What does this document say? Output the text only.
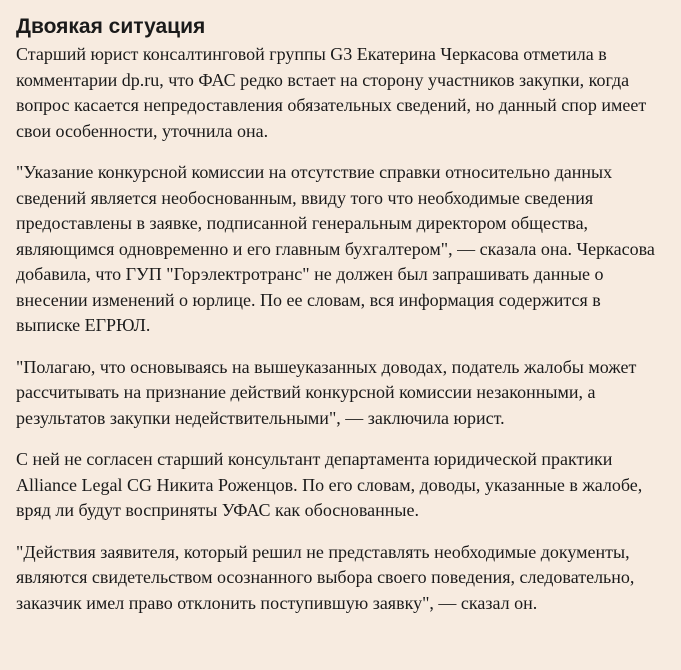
Двоякая ситуация

Старший юрист консалтинговой группы G3 Екатерина Черкасова отметила в комментарии dp.ru, что ФАС редко встает на сторону участников закупки, когда вопрос касается непредоставления обязательных сведений, но данный спор имеет свои особенности, уточнила она.

"Указание конкурсной комиссии на отсутствие справки относительно данных сведений является необоснованным, ввиду того что необходимые сведения предоставлены в заявке, подписанной генеральным директором общества, являющимся одновременно и его главным бухгалтером", — сказала она. Черкасова добавила, что ГУП "Горэлектротранс" не должен был запрашивать данные о внесении изменений о юрлице. По ее словам, вся информация содержится в выписке ЕГРЮЛ.

"Полагаю, что основываясь на вышеуказанных доводах, податель жалобы может рассчитывать на признание действий конкурсной комиссии незаконными, а результатов закупки недействительными", — заключила юрист.

С ней не согласен старший консультант департамента юридической практики Alliance Legal CG Никита Роженцов. По его словам, доводы, указанные в жалобе, вряд ли будут восприняты УФАС как обоснованные.

"Действия заявителя, который решил не представлять необходимые документы, являются свидетельством осознанного выбора своего поведения, следовательно, заказчик имел право отклонить поступившую заявку", — сказал он.
